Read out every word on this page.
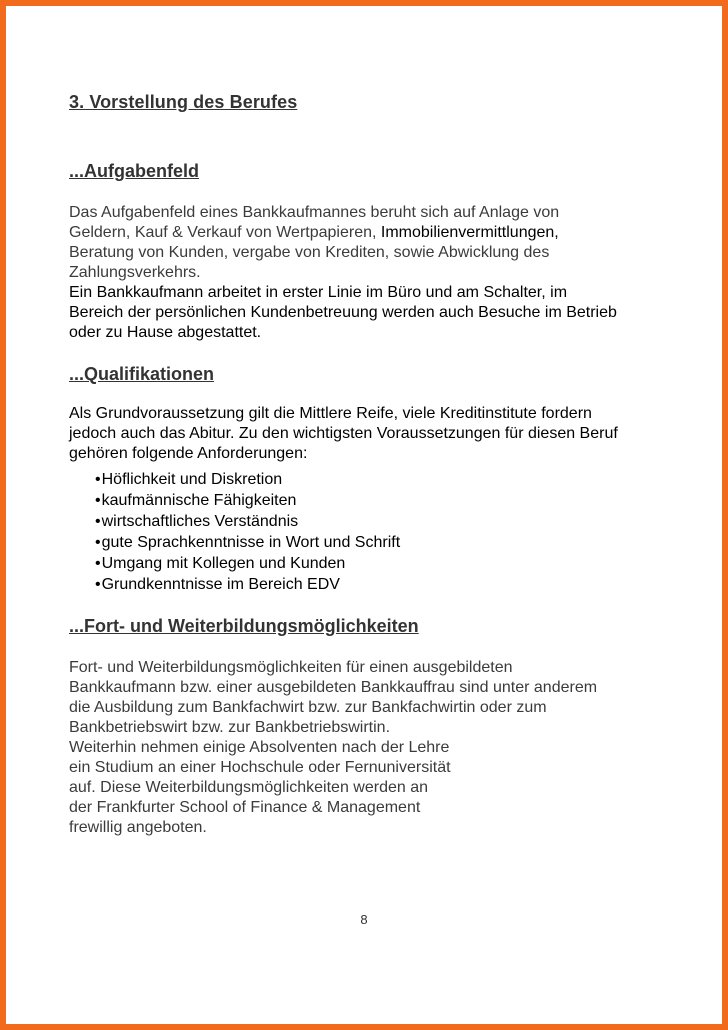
3. Vorstellung des Berufes
...Aufgabenfeld

Das Aufgabenfeld eines Bankkaufmannes beruht sich auf Anlage von
Geldern, Kauf & Verkauf von Wertpapieren, Immobilienvermittlungen,
Beratung von Kunden, vergabe von Krediten, sowie Abwicklung des
Zahlungsverkehrs.
Ein Bankkaufmann arbeitet in erster Linie im Büro und am Schalter, im
Bereich der persönlichen Kundenbetreuung werden auch Besuche im Betrieb
oder zu Hause abgestattet.

...Qualifikationen

Als Grundvoraussetzung gilt die Mittlere Reife, viele Kreditinstitute fordern
jedoch auch das Abitur. Zu den wichtigsten Voraussetzungen für diesen Beruf
gehören folgende Anforderungen:

•Höflichkeit und Diskretion
•kaufmännische Fähigkeiten
•wirtschaftliches Verständnis
•gute Sprachkenntnisse in Wort und Schrift
•Umgang mit Kollegen und Kunden
•Grundkenntnisse im Bereich EDV
...Fort- und Weiterbildungsmöglichkeiten

Fort- und Weiterbildungsmöglichkeiten für einen ausgebildeten
Bankkaufmann bzw. einer ausgebildeten Bankkauffrau sind unter anderem
die Ausbildung zum Bankfachwirt bzw. zur Bankfachwirtin oder zum
Bankbetriebswirt bzw. zur Bankbetriebswirtin.
Weiterhin nehmen einige Absolventen nach der Lehre
ein Studium an einer Hochschule oder Fernuniversität
auf. Diese Weiterbildungsmöglichkeiten werden an
der Frankfurter School of Finance & Management
frewillig angeboten.

8
